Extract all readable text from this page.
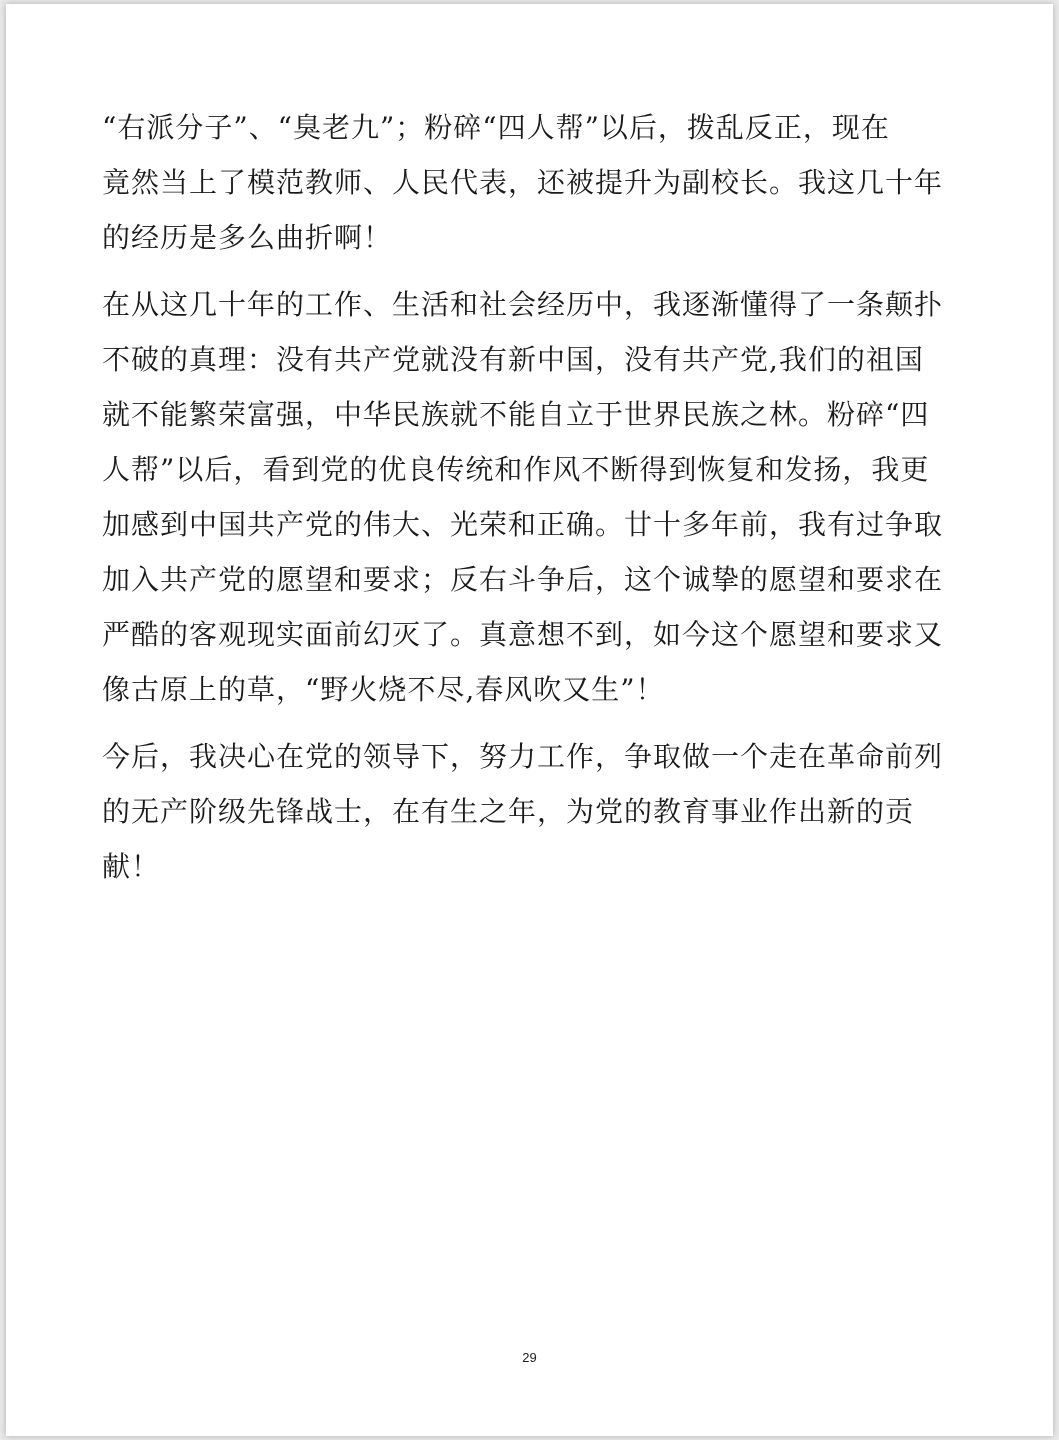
“右派分子”、“臭老九”；粉碎“四人帮”以后，拨乱反正，现在
竟然当上了模范教师、人民代表，还被提升为副校长。我这几十年
的经历是多么曲折啊！

在从这几十年的工作、生活和社会经历中，我逐渐懂得了一条颠扑
不破的真理：没有共产党就没有新中国，没有共产党,我们的祖国
就不能繁荣富强，中华民族就不能自立于世界民族之林。粉碎“四
人帮”以后，看到党的优良传统和作风不断得到恢复和发扬，我更
加感到中国共产党的伟大、光荣和正确。廿十多年前，我有过争取
加入共产党的愿望和要求；反右斗争后，这个诚挚的愿望和要求在
严酷的客观现实面前幻灭了。真意想不到，如今这个愿望和要求又
像古原上的草，“野火烧不尽,春风吹又生”！

今后，我决心在党的领导下，努力工作，争取做一个走在革命前列
的无产阶级先锋战士，在有生之年，为党的教育事业作出新的贡
献！

29
